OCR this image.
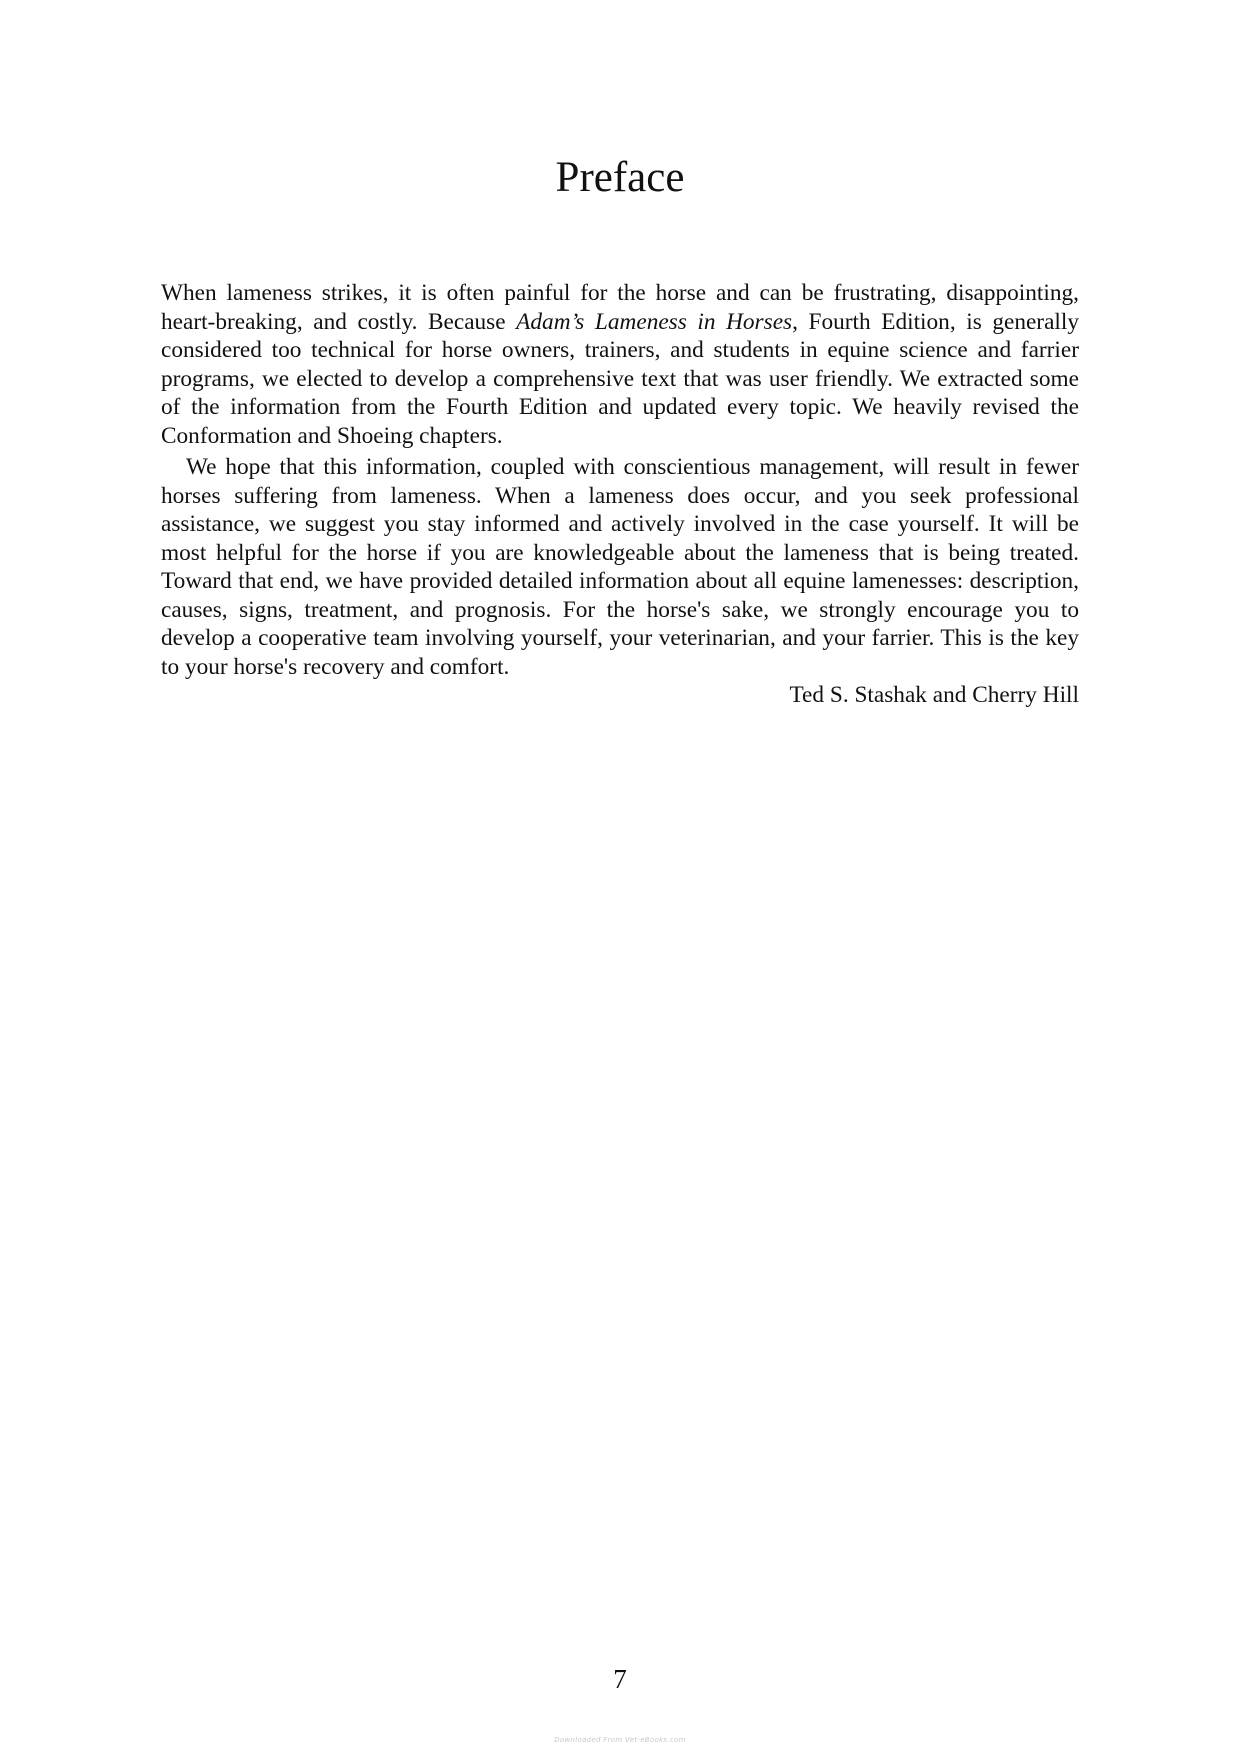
Preface

When lameness strikes, it is often painful for the horse and can be frustrating, disappointing, heart-breaking, and costly. Because Adam’s Lameness in Horses, Fourth Edition, is generally considered too technical for horse owners, trainers, and students in equine science and farrier programs, we elected to develop a comprehensive text that was user friendly. We extracted some of the information from the Fourth Edition and updated every topic. We heavily revised the Conformation and Shoeing chapters.

We hope that this information, coupled with conscientious management, will result in fewer horses suffering from lameness. When a lameness does occur, and you seek professional assistance, we suggest you stay informed and actively involved in the case yourself. It will be most helpful for the horse if you are knowledgeable about the lameness that is being treated. Toward that end, we have provided detailed information about all equine lamenesses: description, causes, signs, treatment, and prognosis. For the horse's sake, we strongly encourage you to develop a cooperative team involving yourself, your veterinarian, and your farrier. This is the key to your horse's recovery and comfort.

Ted S. Stashak and Cherry Hill

7
Downloaded From Vet-eBooks.com
